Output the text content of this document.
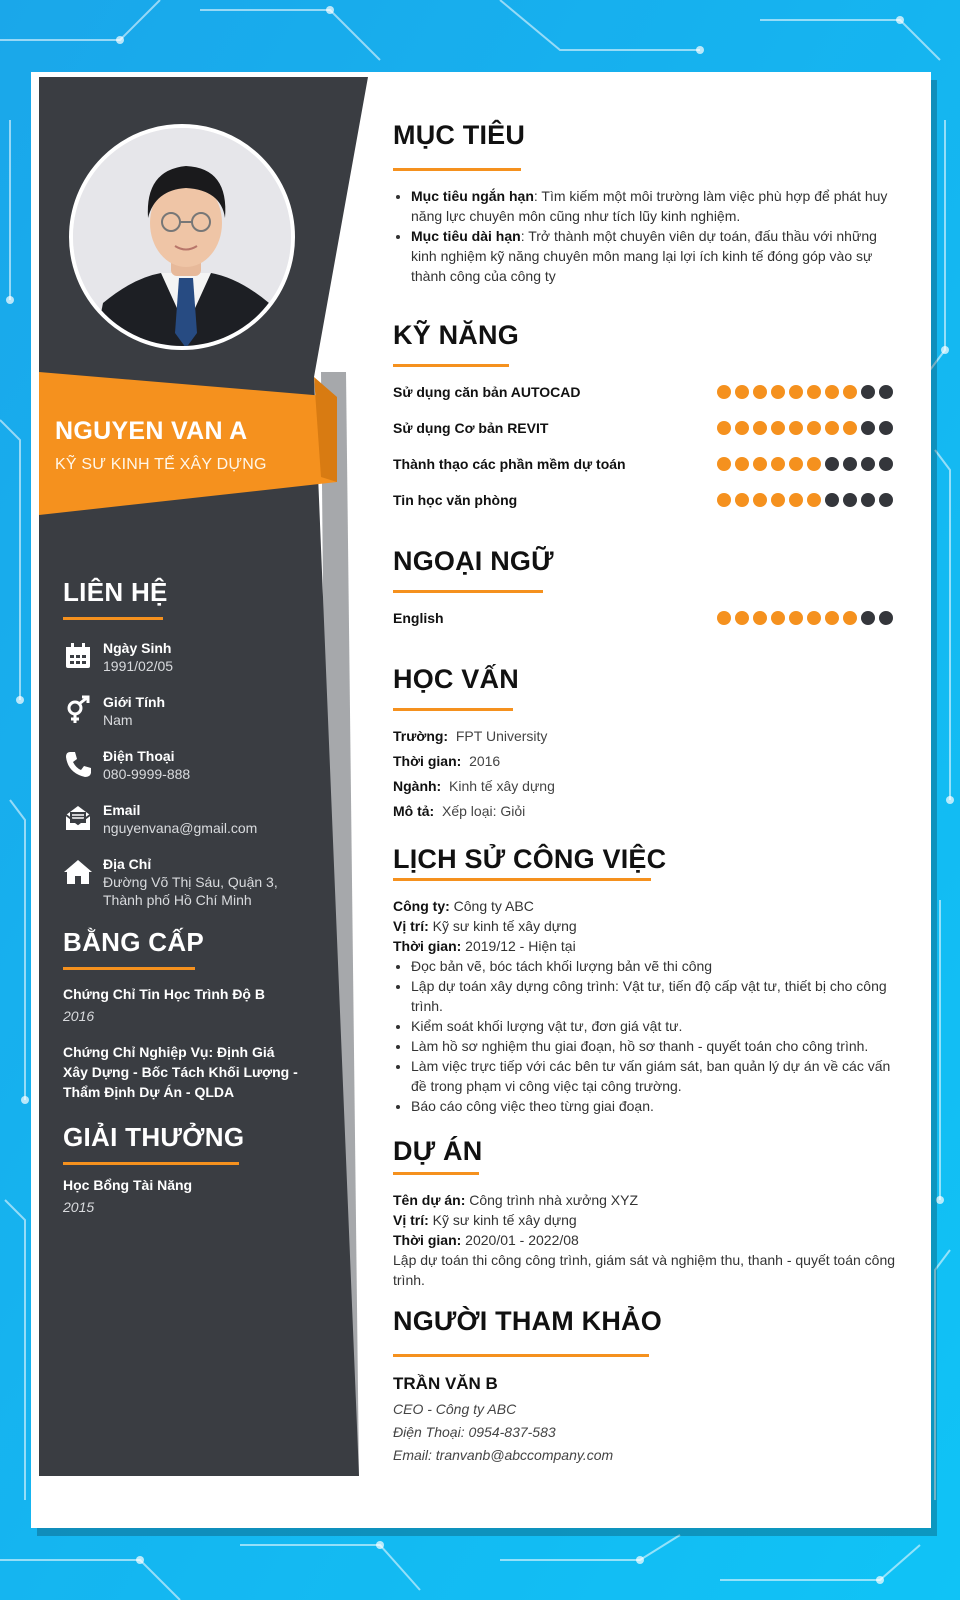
NGUYEN VAN A
KỸ SƯ KINH TẾ XÂY DỰNG
LIÊN HỆ
Ngày Sinh
1991/02/05
Giới Tính
Nam
Điện Thoại
080-9999-888
Email
nguyenvana@gmail.com
Địa Chỉ
Đường Võ Thị Sáu, Quận 3, Thành phố Hồ Chí Minh
BẰNG CẤP
Chứng Chỉ Tin Học Trình Độ B
2016
Chứng Chỉ Nghiệp Vụ: Định Giá Xây Dựng - Bốc Tách Khối Lượng - Thẩm Định Dự Án - QLDA
GIẢI THƯỞNG
Học Bổng Tài Năng
2015
MỤC TIÊU
• Mục tiêu ngắn hạn: Tìm kiếm một môi trường làm việc phù hợp để phát huy năng lực chuyên môn cũng như tích lũy kinh nghiệm.
• Mục tiêu dài hạn: Trở thành một chuyên viên dự toán, đấu thầu với những kinh nghiệm kỹ năng chuyên môn mang lại lợi ích kinh tế đóng góp vào sự thành công của công ty
KỸ NĂNG
Sử dụng căn bản AUTOCAD
Sử dụng Cơ bản REVIT
Thành thạo các phần mềm dự toán
Tin học văn phòng
NGOẠI NGỮ
English
HỌC VẤN
Trường: FPT University
Thời gian: 2016
Ngành: Kinh tế xây dựng
Mô tả: Xếp loại: Giỏi
LỊCH SỬ CÔNG VIỆC
Công ty: Công ty ABC
Vị trí: Kỹ sư kinh tế xây dựng
Thời gian: 2019/12 - Hiện tại
• Đọc bản vẽ, bóc tách khối lượng bản vẽ thi công
• Lập dự toán xây dựng công trình: Vật tư, tiến độ cấp vật tư, thiết bị cho công trình.
• Kiểm soát khối lượng vật tư, đơn giá vật tư.
• Làm hồ sơ nghiệm thu giai đoạn, hồ sơ thanh - quyết toán cho công trình.
• Làm việc trực tiếp với các bên tư vấn giám sát, ban quản lý dự án về các vấn đề trong phạm vi công việc tại công trường.
• Báo cáo công việc theo từng giai đoạn.
DỰ ÁN
Tên dự án: Công trình nhà xưởng XYZ
Vị trí: Kỹ sư kinh tế xây dựng
Thời gian: 2020/01 - 2022/08
Lập dự toán thi công công trình, giám sát và nghiệm thu, thanh - quyết toán công trình.
NGƯỜI THAM KHẢO
TRẦN VĂN B
CEO - Công ty ABC
Điện Thoại: 0954-837-583
Email: tranvanb@abccompany.com
